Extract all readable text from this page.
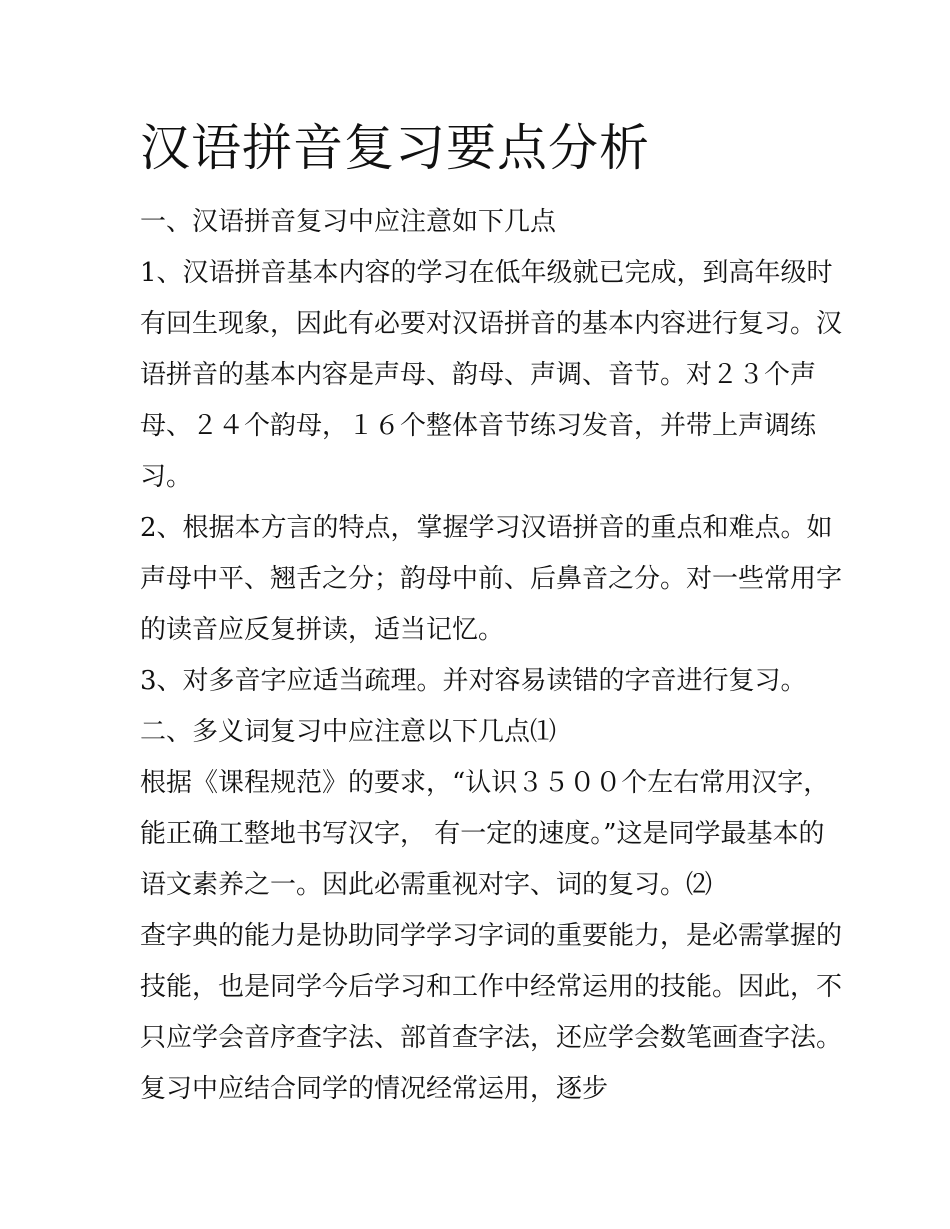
汉语拼音复习要点分析

一、汉语拼音复习中应注意如下几点

1、汉语拼音基本内容的学习在低年级就已完成，到高年级时

有回生现象，因此有必要对汉语拼音的基本内容进行复习。汉

语拼音的基本内容是声母、韵母、声调、音节。对２３个声

母、２４个韵母，１６个整体音节练习发音，并带上声调练

习。

2、根据本方言的特点，掌握学习汉语拼音的重点和难点。如

声母中平、翘舌之分；韵母中前、后鼻音之分。对一些常用字

的读音应反复拼读，适当记忆。

3、对多音字应适当疏理。并对容易读错的字音进行复习。

二、多义词复习中应注意以下几点⑴

根据《课程规范》的要求，“认识３５００个左右常用汉字，

能正确工整地书写汉字， 有一定的速度。”这是同学最基本的

语文素养之一。因此必需重视对字、词的复习。⑵

查字典的能力是协助同学学习字词的重要能力，是必需掌握的

技能，也是同学今后学习和工作中经常运用的技能。因此，不

只应学会音序查字法、部首查字法，还应学会数笔画查字法。

复习中应结合同学的情况经常运用，逐步
